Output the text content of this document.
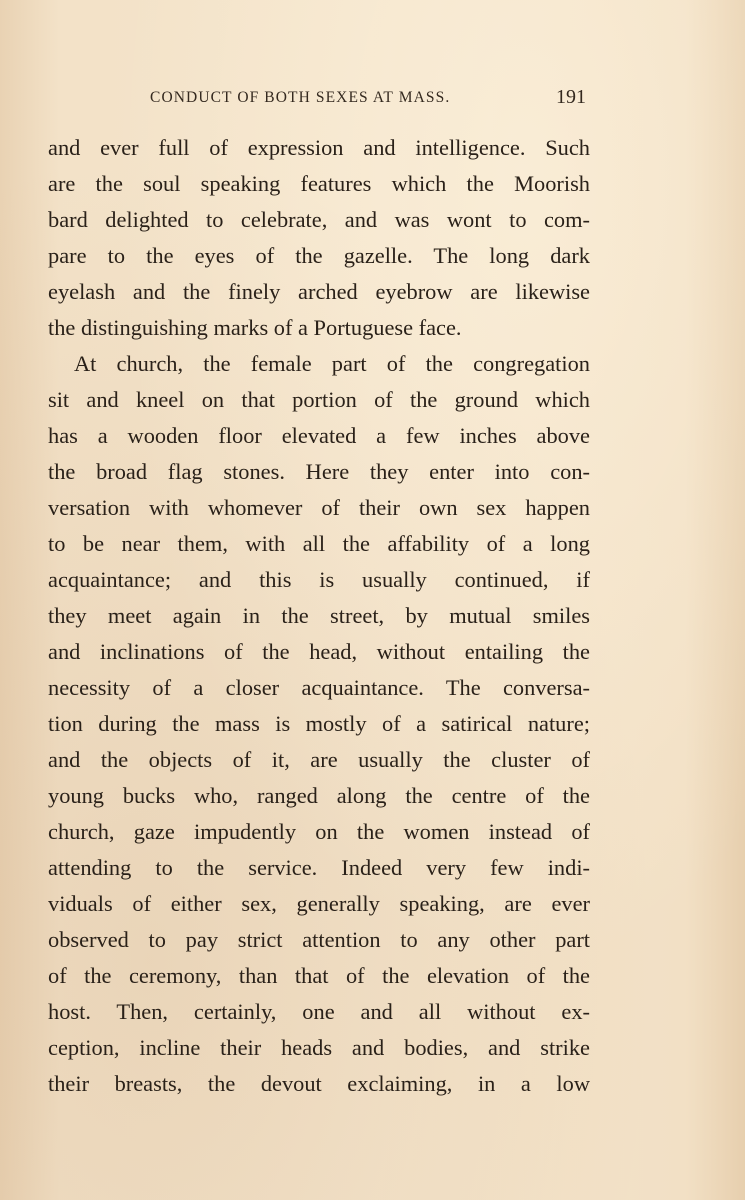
CONDUCT OF BOTH SEXES AT MASS.	191
and ever full of expression and intelligence. Such
are the soul speaking features which the Moorish
bard delighted to celebrate, and was wont to com-
pare to the eyes of the gazelle. The long dark
eyelash and the finely arched eyebrow are likewise
the distinguishing marks of a Portuguese face.
At church, the female part of the congregation
sit and kneel on that portion of the ground which
has a wooden floor elevated a few inches above
the broad flag stones. Here they enter into con-
versation with whomever of their own sex happen
to be near them, with all the affability of a long
acquaintance; and this is usually continued, if
they meet again in the street, by mutual smiles
and inclinations of the head, without entailing the
necessity of a closer acquaintance. The conversa-
tion during the mass is mostly of a satirical nature;
and the objects of it, are usually the cluster of
young bucks who, ranged along the centre of the
church, gaze impudently on the women instead of
attending to the service. Indeed very few indi-
viduals of either sex, generally speaking, are ever
observed to pay strict attention to any other part
of the ceremony, than that of the elevation of the
host. Then, certainly, one and all without ex-
ception, incline their heads and bodies, and strike
their breasts, the devout exclaiming, in a low
